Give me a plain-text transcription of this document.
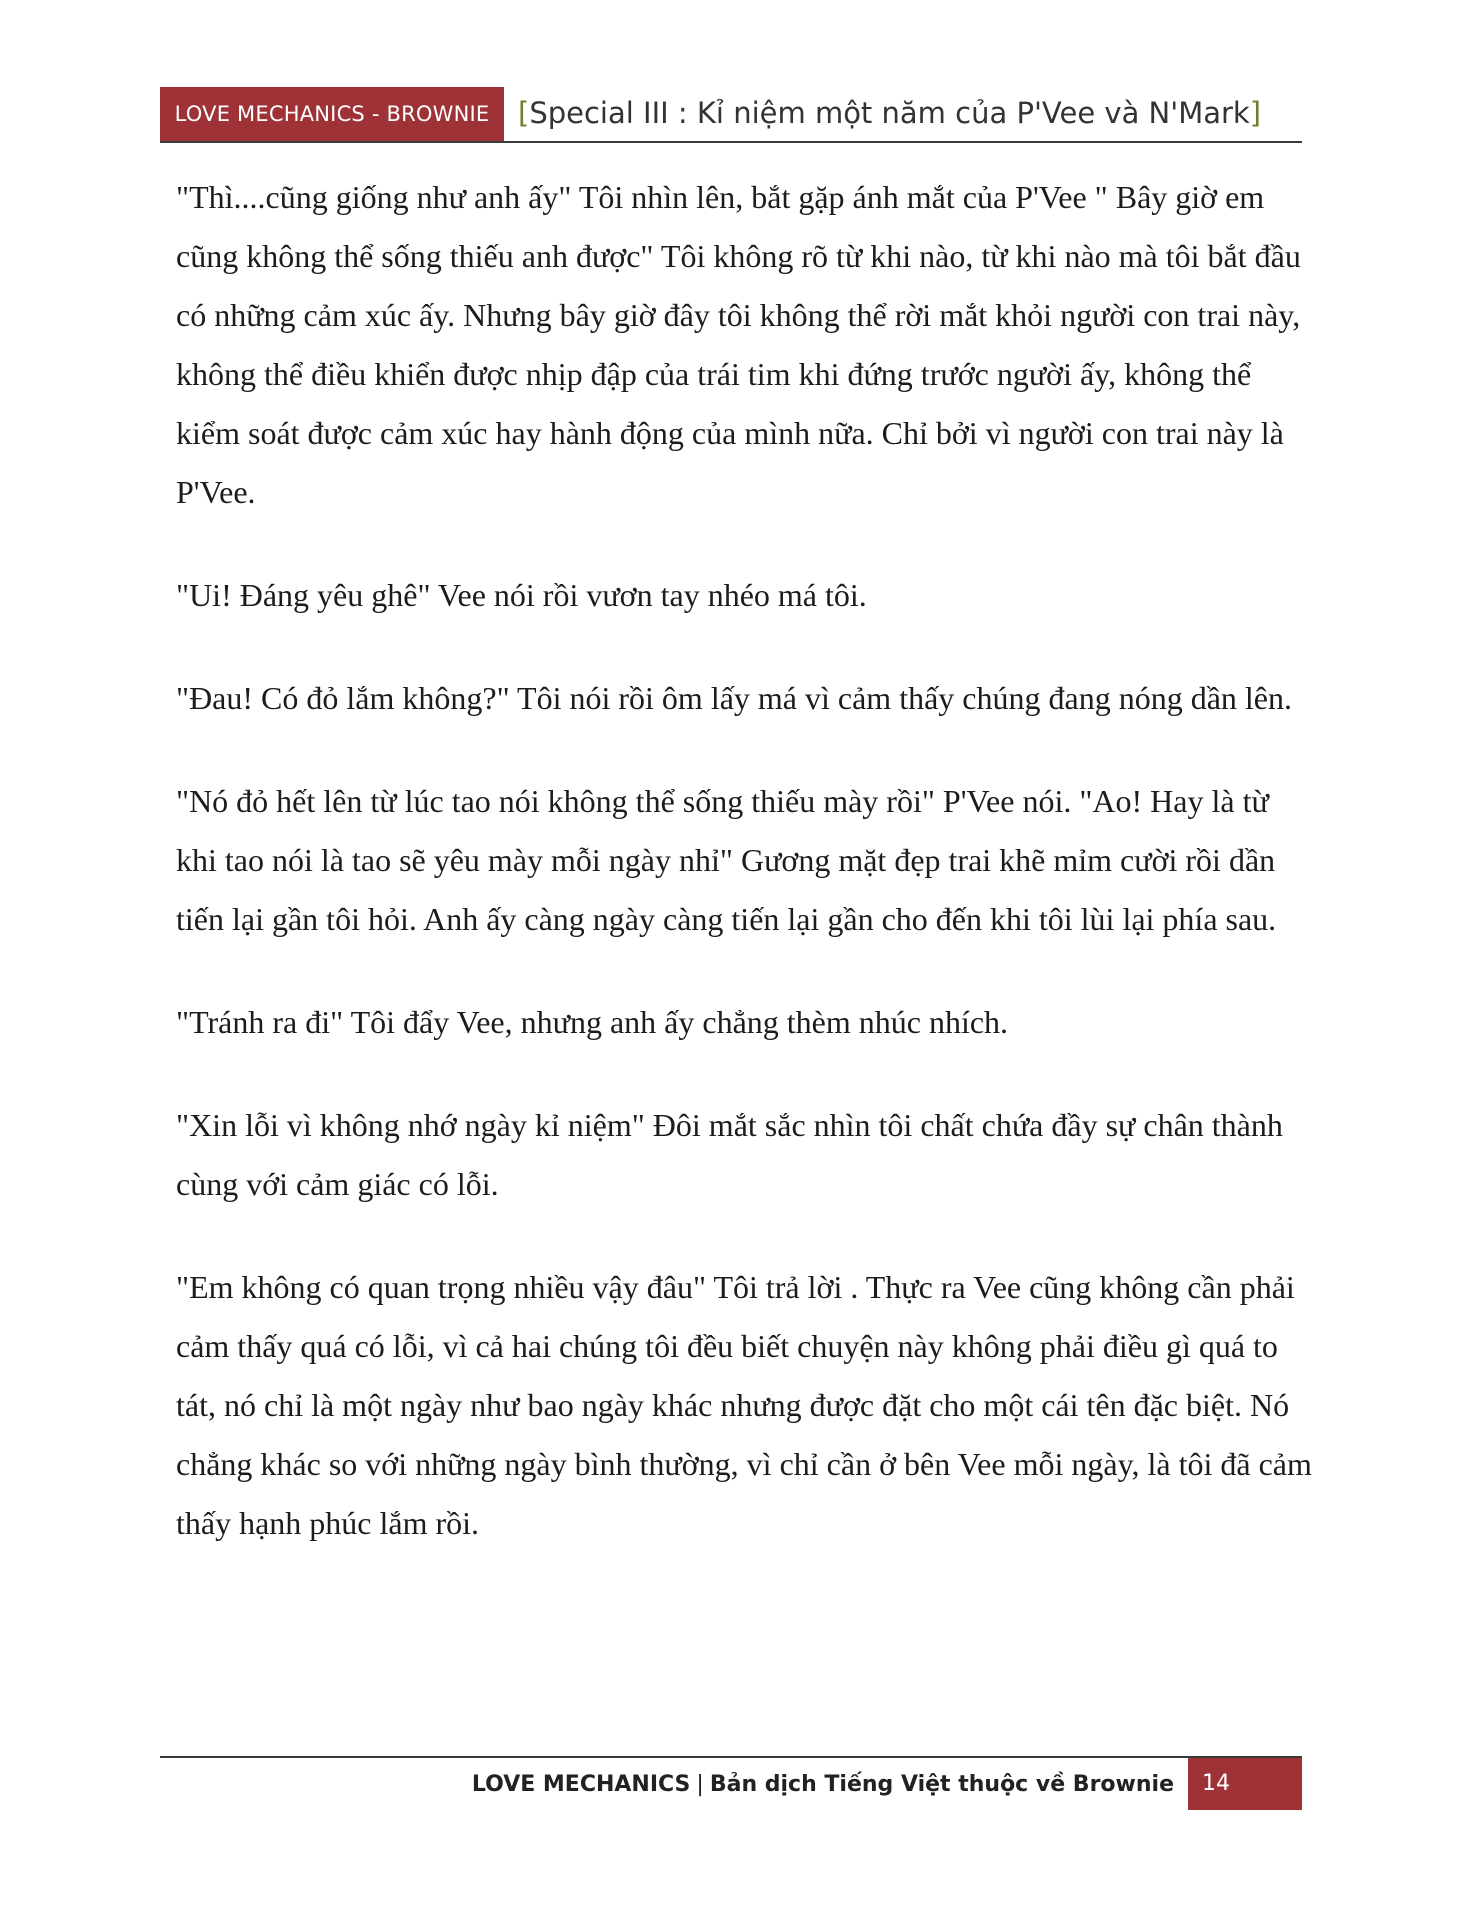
LOVE MECHANICS - BROWNIE [Special III : Kỉ niệm một năm của P'Vee và N'Mark]

"Thì....cũng giống như anh ấy" Tôi nhìn lên, bắt gặp ánh mắt của P'Vee " Bây giờ em cũng không thể sống thiếu anh được" Tôi không rõ từ khi nào, từ khi nào mà tôi bắt đầu có những cảm xúc ấy. Nhưng bây giờ đây tôi không thể rời mắt khỏi người con trai này, không thể điều khiển được nhịp đập của trái tim khi đứng trước người ấy, không thể kiểm soát được cảm xúc hay hành động của mình nữa. Chỉ bởi vì người con trai này là P'Vee.

"Ui! Đáng yêu ghê" Vee nói rồi vươn tay nhéo má tôi.

"Đau! Có đỏ lắm không?" Tôi nói rồi ôm lấy má vì cảm thấy chúng đang nóng dần lên.

"Nó đỏ hết lên từ lúc tao nói không thể sống thiếu mày rồi" P'Vee nói. "Ao! Hay là từ khi tao nói là tao sẽ yêu mày mỗi ngày nhỉ" Gương mặt đẹp trai khẽ mỉm cười rồi dần tiến lại gần tôi hỏi. Anh ấy càng ngày càng tiến lại gần cho đến khi tôi lùi lại phía sau.

"Tránh ra đi" Tôi đẩy Vee, nhưng anh ấy chẳng thèm nhúc nhích.

"Xin lỗi vì không nhớ ngày kỉ niệm" Đôi mắt sắc nhìn tôi chất chứa đầy sự chân thành cùng với cảm giác có lỗi.

"Em không có quan trọng nhiều vậy đâu" Tôi trả lời . Thực ra Vee cũng không cần phải cảm thấy quá có lỗi, vì cả hai chúng tôi đều biết chuyện này không phải điều gì quá to tát, nó chỉ là một ngày như bao ngày khác nhưng được đặt cho một cái tên đặc biệt. Nó chẳng khác so với những ngày bình thường, vì chỉ cần ở bên Vee mỗi ngày, là tôi đã cảm thấy hạnh phúc lắm rồi.

LOVE MECHANICS | Bản dịch Tiếng Việt thuộc về Brownie	14
